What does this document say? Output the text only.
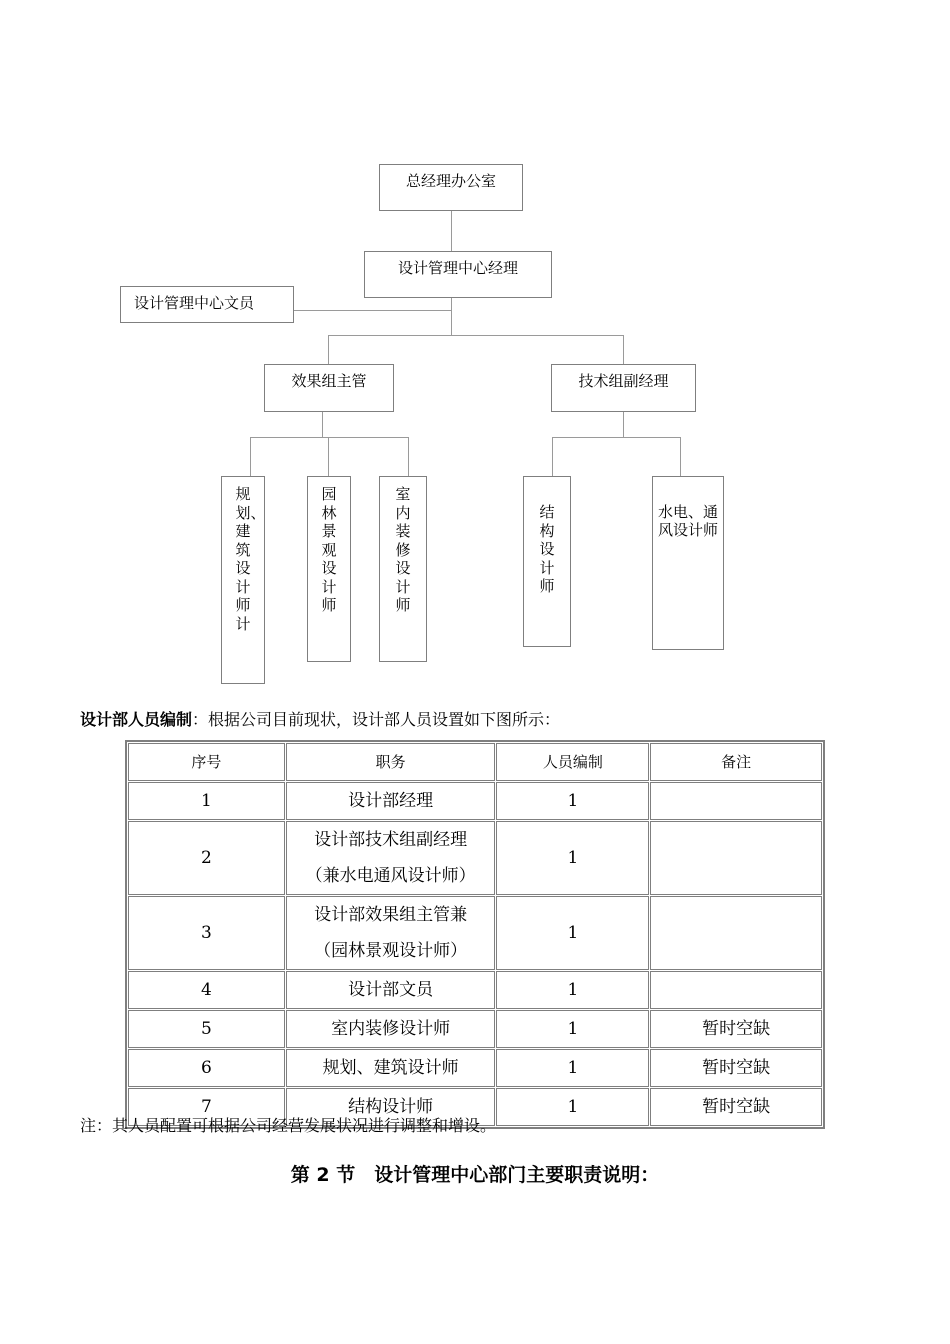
总经理办公室
设计管理中心经理
设计管理中心文员
效果组主管	技术组副经理
规划、建筑设计师计
园林景观设计师
室内装修设计师
结构设计师
水电、通风设计师
设计部人员编制：根据公司目前现状，设计部人员设置如下图所示：
序号	职务	人员编制	备注
1	设计部经理	1	
2	设计部技术组副经理
（兼水电通风设计师）	1	
3	设计部效果组主管兼
（园林景观设计师）	1	
4	设计部文员	1	
5	室内装修设计师	1	暂时空缺
6	规划、建筑设计师	1	暂时空缺
7	结构设计师	1	暂时空缺
注：其人员配置可根据公司经营发展状况进行调整和增设。
第 2 节　设计管理中心部门主要职责说明：
